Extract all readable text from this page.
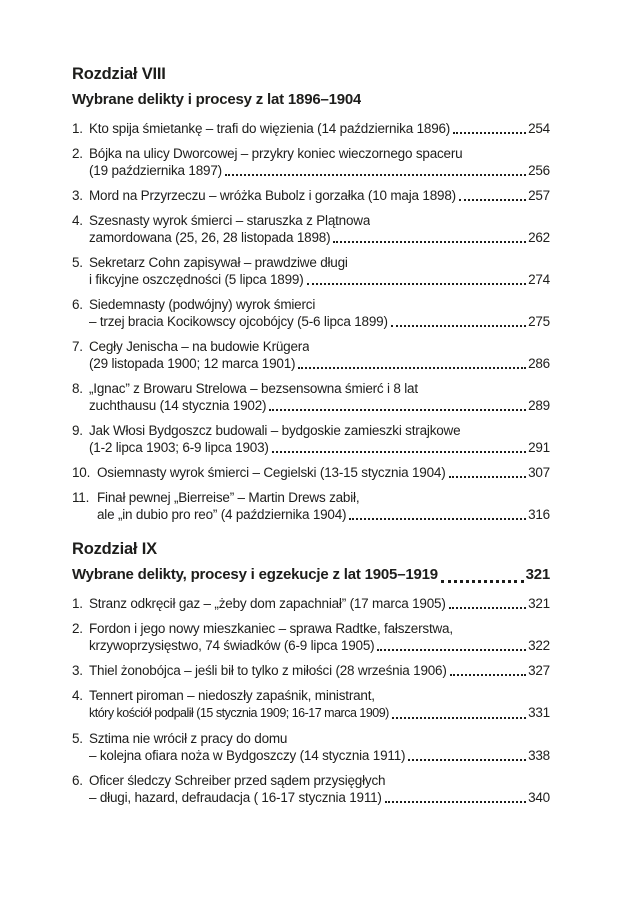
Rozdział VIII
Wybrane delikty i procesy z lat 1896–1904
1. Kto spija śmietankę – trafi do więzienia (14 października 1896)	254
2. Bójka na ulicy Dworcowej – przykry koniec wieczornego spaceru
(19 października 1897)	256
3. Mord na Przyrzeczu – wróżka Bubolz i gorzałka (10 maja 1898)	257
4. Szesnasty wyrok śmierci – staruszka z Plątnowa
zamordowana (25, 26, 28 listopada 1898)	262
5. Sekretarz Cohn zapisywał – prawdziwe długi
i fikcyjne oszczędności (5 lipca 1899)	274
6. Siedemnasty (podwójny) wyrok śmierci
– trzej bracia Kocikowscy ojcobójcy (5-6 lipca 1899)	275
7. Cegły Jenischa – na budowie Krügera
(29 listopada 1900; 12 marca 1901)	286
8. „Ignac” z Browaru Strelowa – bezsensowna śmierć i 8 lat
zuchthausu (14 stycznia 1902)	289
9. Jak Włosi Bydgoszcz budowali – bydgoskie zamieszki strajkowe
(1-2 lipca 1903; 6-9 lipca 1903)	291
10. Osiemnasty wyrok śmierci – Cegielski (13-15 stycznia 1904)	307
11. Finał pewnej „Bierreise” – Martin Drews zabił,
ale „in dubio pro reo” (4 października 1904)	316
Rozdział IX
Wybrane delikty, procesy i egzekucje z lat 1905–1919	321
1. Stranz odkręcił gaz – „żeby dom zapachniał” (17 marca 1905)	321
2. Fordon i jego nowy mieszkaniec – sprawa Radtke, fałszerstwa,
krzywoprzysięstwo, 74 świadków (6-9 lipca 1905)	322
3. Thiel żonobójca – jeśli bił to tylko z miłości (28 września 1906)	327
4. Tennert piroman – niedoszły zapaśnik, ministrant,
który kościół podpalił (15 stycznia 1909; 16-17 marca 1909)	331
5. Sztima nie wrócił z pracy do domu
– kolejna ofiara noża w Bydgoszczy (14 stycznia 1911)	338
6. Oficer śledczy Schreiber przed sądem przysięgłych
– długi, hazard, defraudacja ( 16-17 stycznia 1911)	340
